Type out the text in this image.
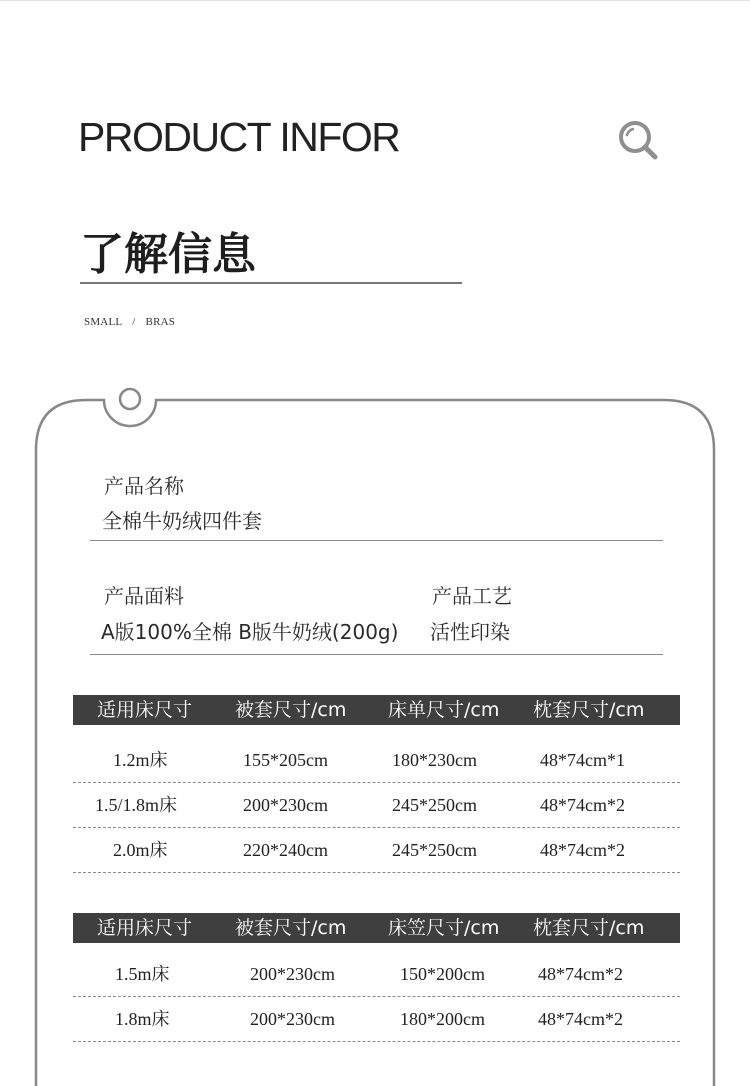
PRODUCT INFOR
了解信息
SMALL / BRAS
产品名称
全棉牛奶绒四件套
产品面料
A版100%全棉 B版牛奶绒(200g)
产品工艺
活性印染
适用床尺寸 被套尺寸/cm 床单尺寸/cm 枕套尺寸/cm
1.2m床	155*205cm	180*230cm	48*74cm*1
1.5/1.8m床	200*230cm	245*250cm	48*74cm*2
2.0m床	220*240cm	245*250cm	48*74cm*2
适用床尺寸 被套尺寸/cm 床笠尺寸/cm 枕套尺寸/cm
1.5m床	200*230cm	150*200cm	48*74cm*2
1.8m床	200*230cm	180*200cm	48*74cm*2
